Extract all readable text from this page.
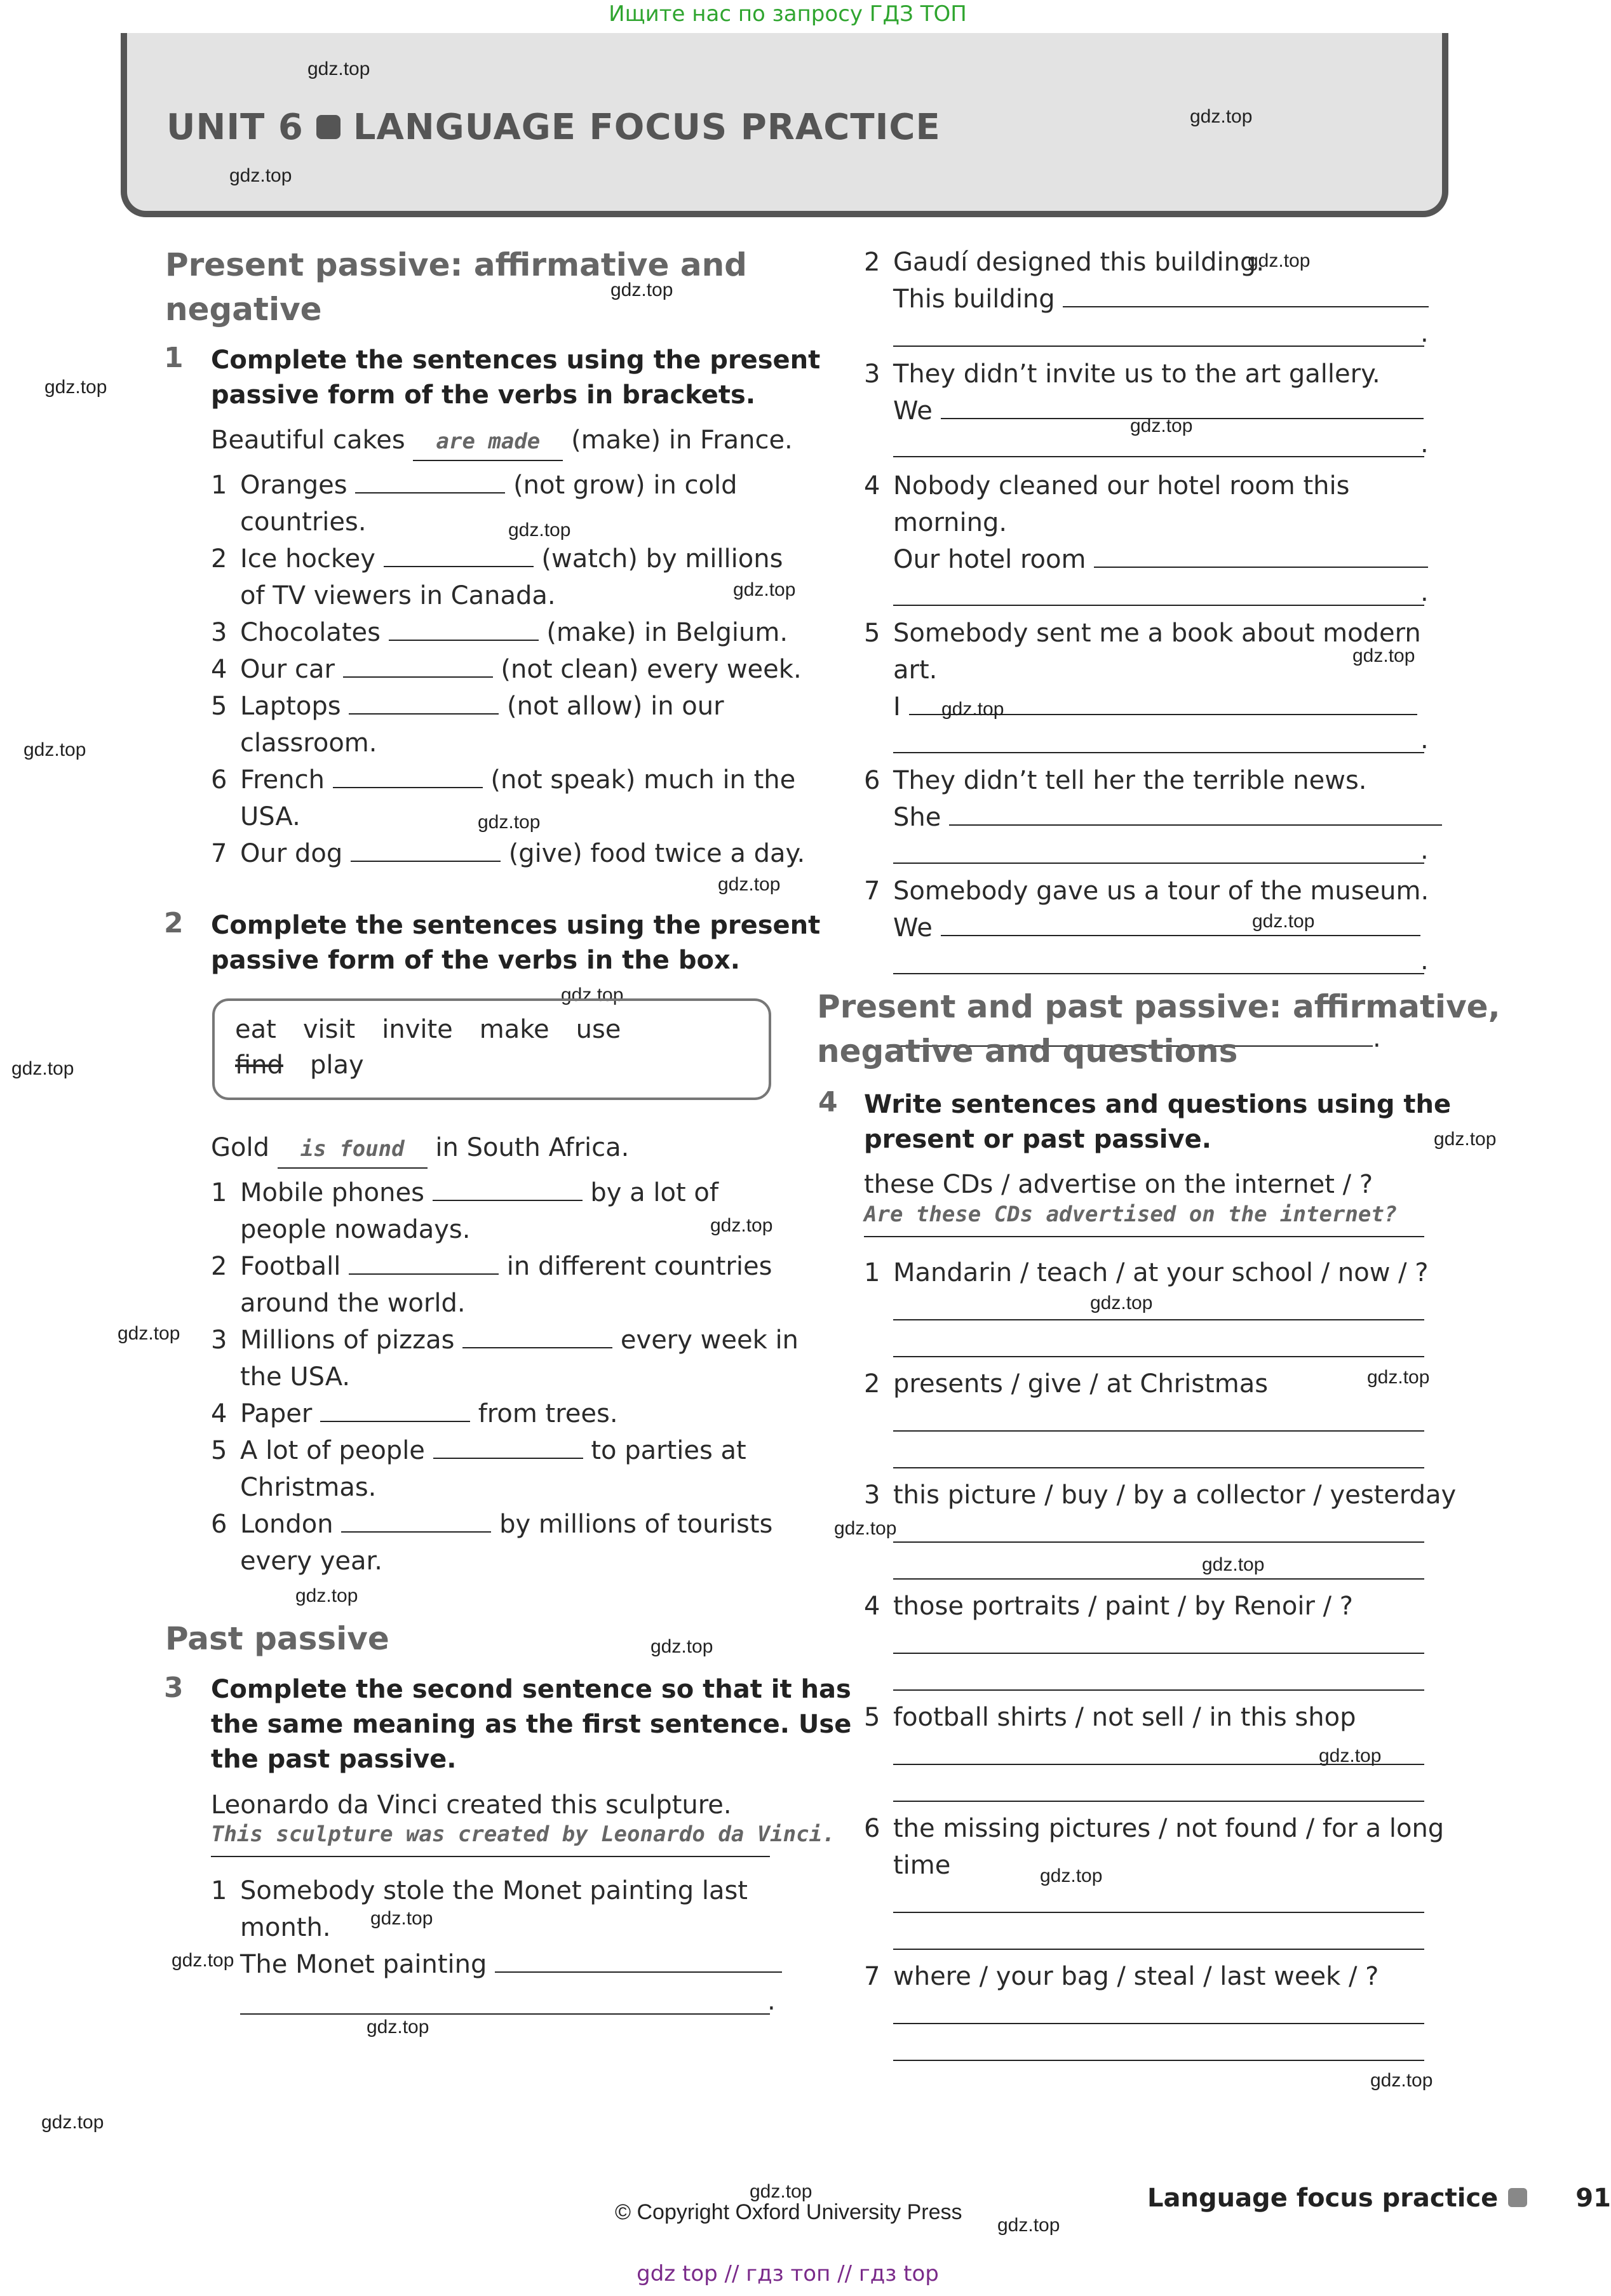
Ищите нас по запросу ГДЗ ТОП
UNIT 6 LANGUAGE FOCUS PRACTICE
gdz.top
gdz.top
gdz.top
gdz.top
gdz.top
gdz.top
gdz.top
gdz.top
gdz.top
gdz.top
gdz.top
gdz.top
gdz.top
gdz.top
gdz.top
gdz.top
gdz.top
gdz.top
gdz.top
gdz.top
gdz.top
gdz.top
gdz.top
gdz.top
gdz.top
gdz.top
gdz.top
gdz.top
gdz.top
gdz.top
gdz.top
gdz.top
gdz.top
gdz.top
gdz.top
Present passive: affirmative and
negative
1 Complete the sentences using the present
passive form of the verbs in brackets.
Beautiful cakes are made (make) in France.
1 Oranges	(not grow) in cold
countries.
2 Ice hockey	(watch) by millions
of TV viewers in Canada.
3 Chocolates	(make) in Belgium.
4 Our car	(not clean) every week.
5 Laptops	(not allow) in our
classroom.
6 French	(not speak) much in the
USA.
7 Our dog	(give) food twice a day.
2 Complete the sentences using the present
passive form of the verbs in the box.
eat visit invite make use
find play
Gold is found in South Africa.
1 Mobile phones	by a lot of
people nowadays.
2 Football	in different countries
around the world.
3 Millions of pizzas	every week in
the USA.
4 Paper	from trees.
5 A lot of people	to parties at
Christmas.
6 London	by millions of tourists
every year.
Past passive
3 Complete the second sentence so that it has
the same meaning as the first sentence. Use
the past passive.
Leonardo da Vinci created this sculpture.
This sculpture was created by Leonardo da Vinci.
1 Somebody stole the Monet painting last
month.
The Monet painting
.
2 Gaudí designed this building.
This building
.
3 They didn’t invite us to the art gallery.
We
.
4 Nobody cleaned our hotel room this
morning.
Our hotel room
.
5 Somebody sent me a book about modern
art.
I
.
6 They didn’t tell her the terrible news.
She
.
7 Somebody gave us a tour of the museum.
We
.
.
Present and past passive: affirmative,
negative and questions
4 Write sentences and questions using the
present or past passive.
these CDs / advertise on the internet / ?
Are these CDs advertised on the internet?
1 Mandarin / teach / at your school / now / ?
2 presents / give / at Christmas
3 this picture / buy / by a collector / yesterday
4 those portraits / paint / by Renoir / ?
5 football shirts / not sell / in this shop
6 the missing pictures / not found / for a long
time
7 where / your bag / steal / last week / ?
© Copyright Oxford University Press	Language focus practice	91
gdz top // гдз топ // гдз top
